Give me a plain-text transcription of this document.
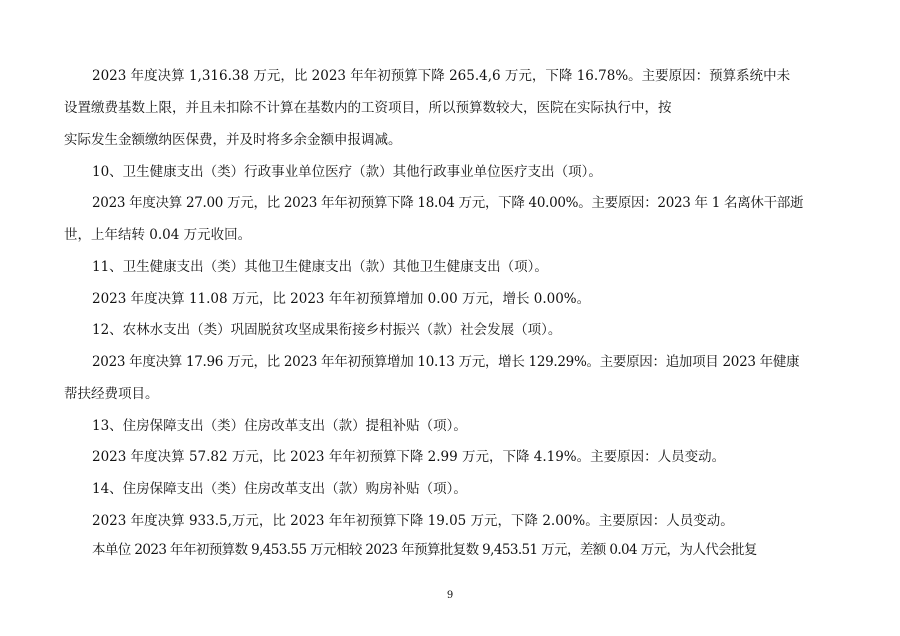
2023 年度决算 1,316.38 万元，比 2023 年年初预算下降 265.4,6 万元，下降 16.78%。主要原因：预算系统中未
设置缴费基数上限，并且未扣除不计算在基数内的工资项目，所以预算数较大，医院在实际执行中，按
实际发生金额缴纳医保费，并及时将多余金额申报调减。
10、卫生健康支出（类）行政事业单位医疗（款）其他行政事业单位医疗支出（项）。
2023 年度决算 27.00 万元，比 2023 年年初预算下降 18.04 万元，下降 40.00%。主要原因：2023 年 1 名离休干部逝
世，上年结转 0.04 万元收回。
11、卫生健康支出（类）其他卫生健康支出（款）其他卫生健康支出（项）。
2023 年度决算 11.08 万元，比 2023 年年初预算增加 0.00 万元，增长 0.00%。
12、农林水支出（类）巩固脱贫攻坚成果衔接乡村振兴（款）社会发展（项）。
2023 年度决算 17.96 万元，比 2023 年年初预算增加 10.13 万元，增长 129.29%。主要原因：追加项目 2023 年健康
帮扶经费项目。
13、住房保障支出（类）住房改革支出（款）提租补贴（项）。
2023 年度决算 57.82 万元，比 2023 年年初预算下降 2.99 万元，下降 4.19%。主要原因：人员变动。
14、住房保障支出（类）住房改革支出（款）购房补贴（项）。
2023 年度决算 933.5,万元，比 2023 年年初预算下降 19.05 万元，下降 2.00%。主要原因：人员变动。
本单位 2023 年年初预算数 9,453.55 万元相较 2023 年预算批复数 9,453.51 万元，差额 0.04 万元，为人代会批复
9
